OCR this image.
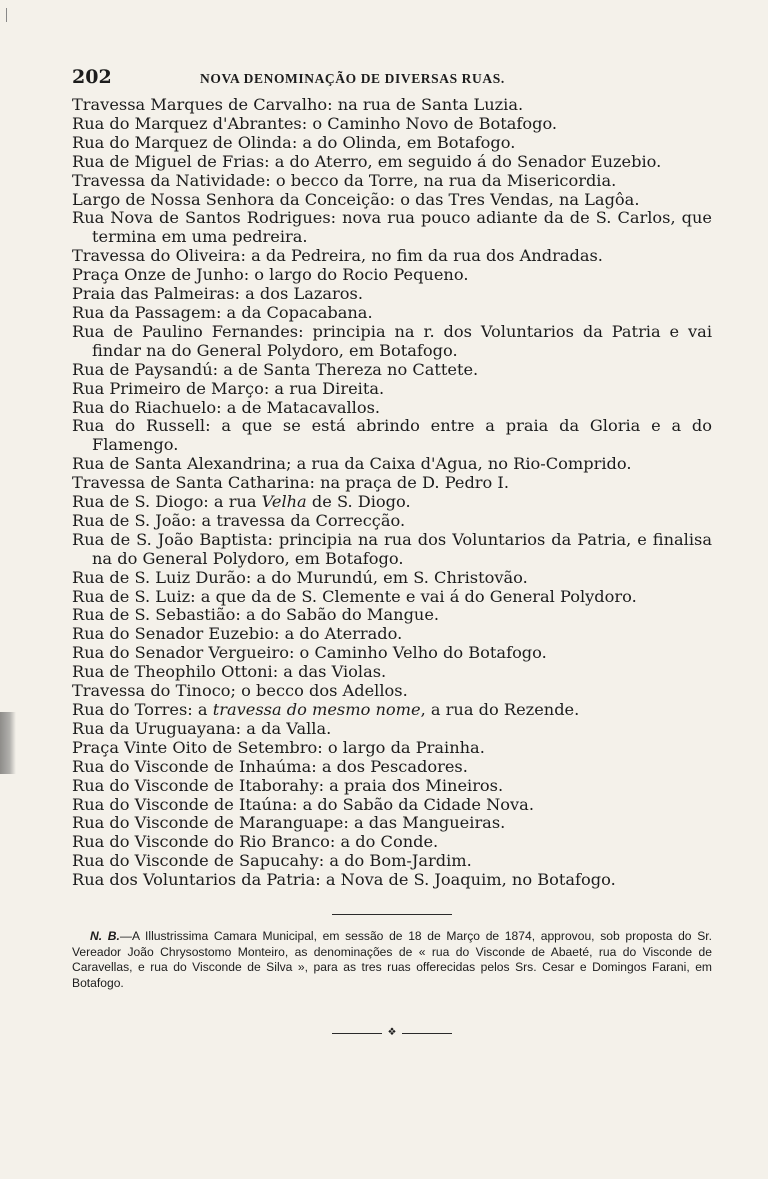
202	NOVA DENOMINAÇÃO DE DIVERSAS RUAS.
Travessa Marques de Carvalho: na rua de Santa Luzia.
Rua do Marquez d'Abrantes: o Caminho Novo de Botafogo.
Rua do Marquez de Olinda: a do Olinda, em Botafogo.
Rua de Miguel de Frias: a do Aterro, em seguido á do Senador Euzebio.
Travessa da Natividade: o becco da Torre, na rua da Misericordia.
Largo de Nossa Senhora da Conceição: o das Tres Vendas, na Lagôa.
Rua Nova de Santos Rodrigues: nova rua pouco adiante da de S. Carlos, que termina em uma pedreira.
Travessa do Oliveira: a da Pedreira, no fim da rua dos Andradas.
Praça Onze de Junho: o largo do Rocio Pequeno.
Praia das Palmeiras: a dos Lazaros.
Rua da Passagem: a da Copacabana.
Rua de Paulino Fernandes: principia na r. dos Voluntarios da Patria e vai findar na do General Polydoro, em Botafogo.
Rua de Paysandú: a de Santa Thereza no Cattete.
Rua Primeiro de Março: a rua Direita.
Rua do Riachuelo: a de Matacavallos.
Rua do Russell: a que se está abrindo entre a praia da Gloria e a do Flamengo.
Rua de Santa Alexandrina; a rua da Caixa d'Agua, no Rio-Comprido.
Travessa de Santa Catharina: na praça de D. Pedro I.
Rua de S. Diogo: a rua Velha de S. Diogo.
Rua de S. João: a travessa da Correcção.
Rua de S. João Baptista: principia na rua dos Voluntarios da Patria, e finalisa na do General Polydoro, em Botafogo.
Rua de S. Luiz Durão: a do Murundú, em S. Christovão.
Rua de S. Luiz: a que da de S. Clemente e vai á do General Polydoro.
Rua de S. Sebastião: a do Sabão do Mangue.
Rua do Senador Euzebio: a do Aterrado.
Rua do Senador Vergueiro: o Caminho Velho do Botafogo.
Rua de Theophilo Ottoni: a das Violas.
Travessa do Tinoco; o becco dos Adellos.
Rua do Torres: a travessa do mesmo nome, a rua do Rezende.
Rua da Uruguayana: a da Valla.
Praça Vinte Oito de Setembro: o largo da Prainha.
Rua do Visconde de Inhaúma: a dos Pescadores.
Rua do Visconde de Itaborahy: a praia dos Mineiros.
Rua do Visconde de Itaúna: a do Sabão da Cidade Nova.
Rua do Visconde de Maranguape: a das Mangueiras.
Rua do Visconde do Rio Branco: a do Conde.
Rua do Visconde de Sapucahy: a do Bom-Jardim.
Rua dos Voluntarios da Patria: a Nova de S. Joaquim, no Botafogo.
N. B.—A Illustrissima Camara Municipal, em sessão de 18 de Março de 1874, approvou, sob proposta do Sr. Vereador João Chrysostomo Monteiro, as denominações de « rua do Visconde de Abaeté, rua do Visconde de Caravellas, e rua do Visconde de Silva », para as tres ruas offerecidas pelos Srs. Cesar e Domingos Farani, em Botafogo.
❖
